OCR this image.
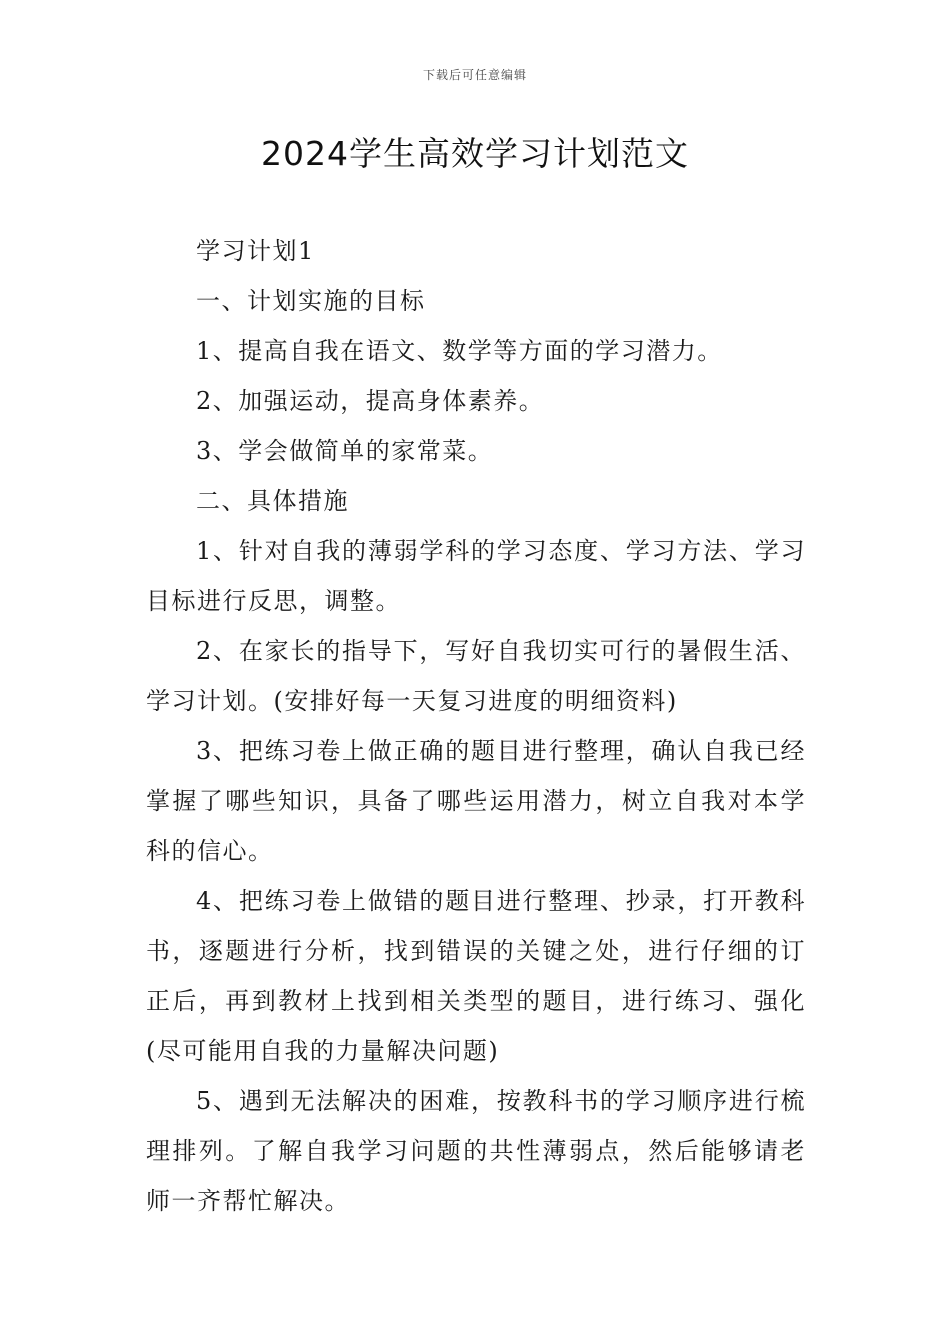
下载后可任意编辑
2024学生高效学习计划范文

学习计划1

一、计划实施的目标

1、提高自我在语文、数学等方面的学习潜力。

2、加强运动，提高身体素养。

3、学会做简单的家常菜。

二、具体措施

1、针对自我的薄弱学科的学习态度、学习方法、学习目标进行反思，调整。

2、在家长的指导下，写好自我切实可行的暑假生活、学习计划。(安排好每一天复习进度的明细资料)

3、把练习卷上做正确的题目进行整理，确认自我已经掌握了哪些知识，具备了哪些运用潜力，树立自我对本学科的信心。

4、把练习卷上做错的题目进行整理、抄录，打开教科书，逐题进行分析，找到错误的关键之处，进行仔细的订正后，再到教材上找到相关类型的题目，进行练习、强化(尽可能用自我的力量解决问题)

5、遇到无法解决的困难，按教科书的学习顺序进行梳理排列。了解自我学习问题的共性薄弱点，然后能够请老师一齐帮忙解决。
